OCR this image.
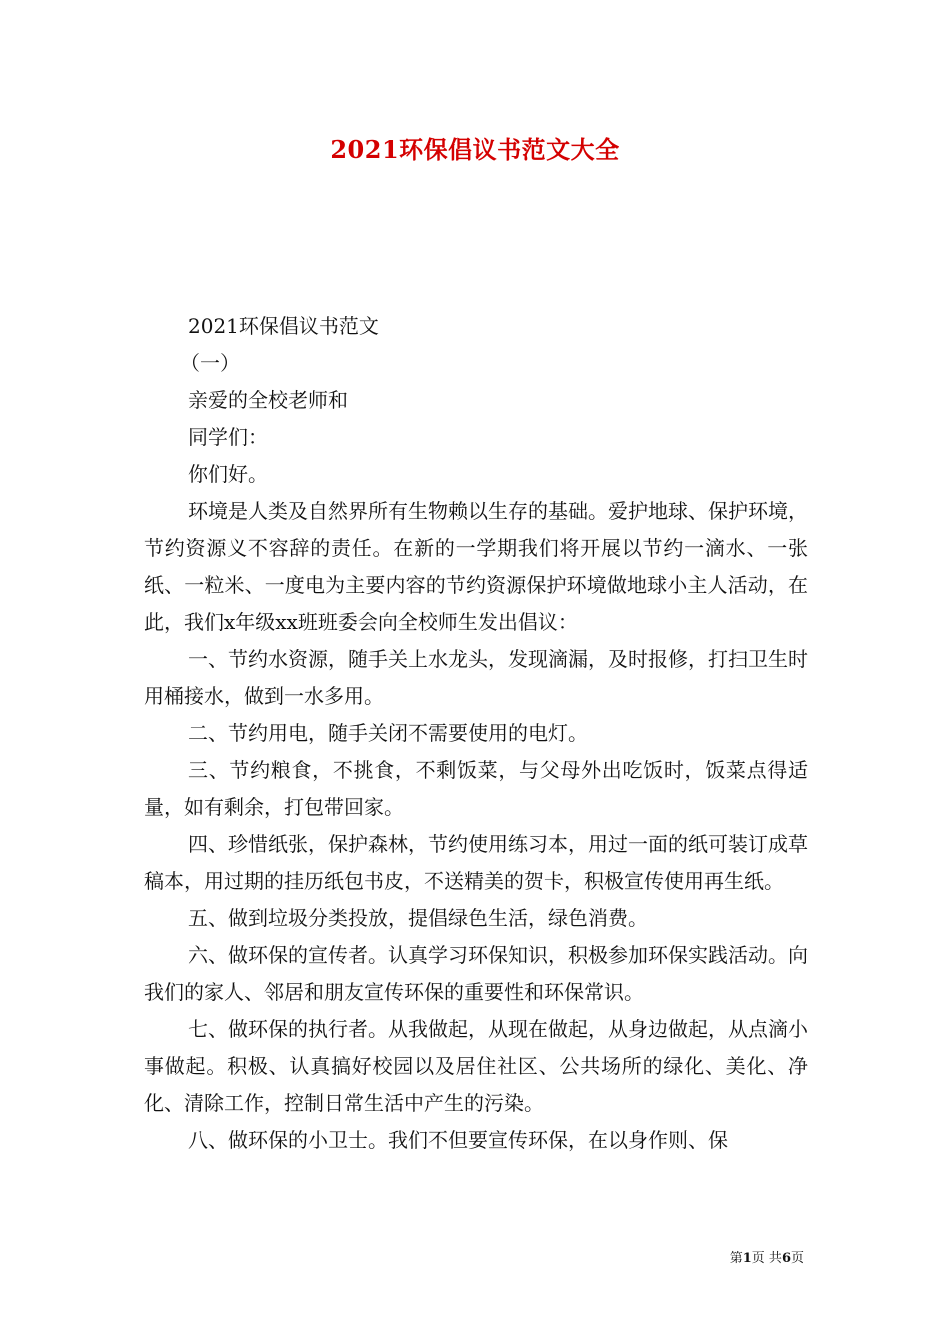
2021环保倡议书范文大全

2021环保倡议书范文

（一）

亲爱的全校老师和

同学们：

你们好。

环境是人类及自然界所有生物赖以生存的基础。爱护地球、保护环境，节约资源义不容辞的责任。在新的一学期我们将开展以节约一滴水、一张纸、一粒米、一度电为主要内容的节约资源保护环境做地球小主人活动，在此，我们x年级xx班班委会向全校师生发出倡议：

一、节约水资源，随手关上水龙头，发现滴漏，及时报修，打扫卫生时用桶接水，做到一水多用。

二、节约用电，随手关闭不需要使用的电灯。

三、节约粮食，不挑食，不剩饭菜，与父母外出吃饭时，饭菜点得适量，如有剩余，打包带回家。

四、珍惜纸张，保护森林，节约使用练习本，用过一面的纸可装订成草稿本，用过期的挂历纸包书皮，不送精美的贺卡，积极宣传使用再生纸。

五、做到垃圾分类投放，提倡绿色生活，绿色消费。

六、做环保的宣传者。认真学习环保知识，积极参加环保实践活动。向我们的家人、邻居和朋友宣传环保的重要性和环保常识。

七、做环保的执行者。从我做起，从现在做起，从身边做起，从点滴小事做起。积极、认真搞好校园以及居住社区、公共场所的绿化、美化、净化、清除工作，控制日常生活中产生的污染。

八、做环保的小卫士。我们不但要宣传环保，在以身作则、保

第1页 共6页
